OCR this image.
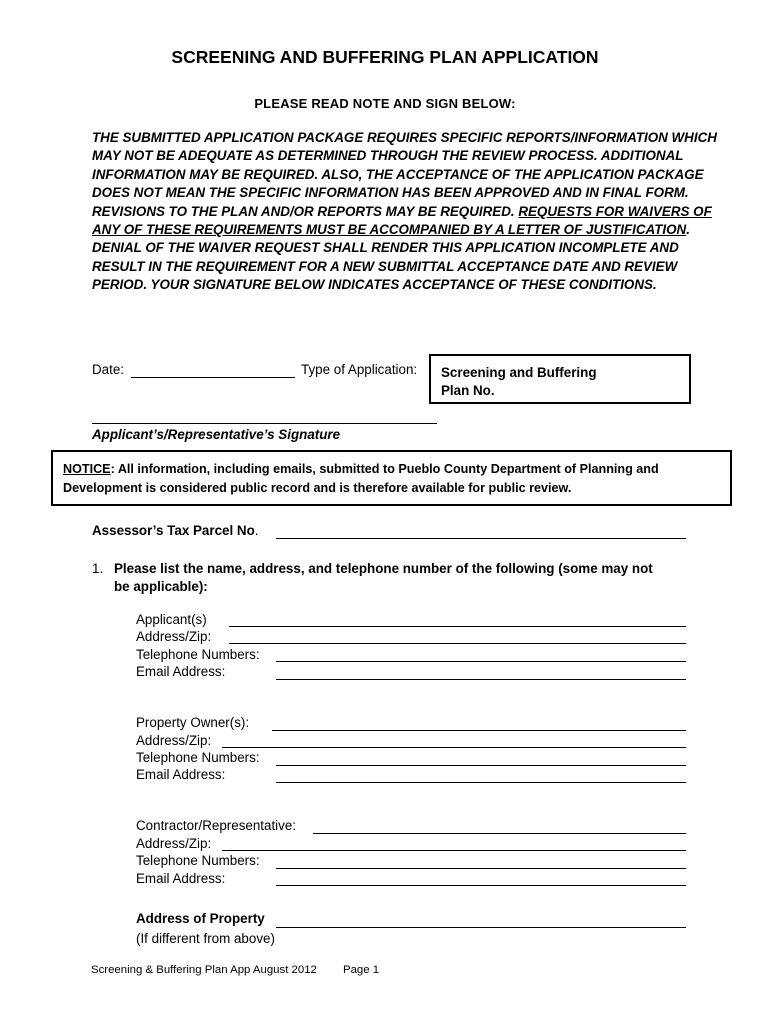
SCREENING AND BUFFERING PLAN APPLICATION
PLEASE READ NOTE AND SIGN BELOW:
THE SUBMITTED APPLICATION PACKAGE REQUIRES SPECIFIC REPORTS/INFORMATION WHICH MAY NOT BE ADEQUATE AS DETERMINED THROUGH THE REVIEW PROCESS. ADDITIONAL INFORMATION MAY BE REQUIRED. ALSO, THE ACCEPTANCE OF THE APPLICATION PACKAGE DOES NOT MEAN THE SPECIFIC INFORMATION HAS BEEN APPROVED AND IN FINAL FORM. REVISIONS TO THE PLAN AND/OR REPORTS MAY BE REQUIRED. REQUESTS FOR WAIVERS OF ANY OF THESE REQUIREMENTS MUST BE ACCOMPANIED BY A LETTER OF JUSTIFICATION. DENIAL OF THE WAIVER REQUEST SHALL RENDER THIS APPLICATION INCOMPLETE AND RESULT IN THE REQUIREMENT FOR A NEW SUBMITTAL ACCEPTANCE DATE AND REVIEW PERIOD. YOUR SIGNATURE BELOW INDICATES ACCEPTANCE OF THESE CONDITIONS.
Date:	Type of Application: Screening and Buffering
Plan No.
Applicant’s/Representative’s Signature
NOTICE: All information, including emails, submitted to Pueblo County Department of Planning and Development is considered public record and is therefore available for public review.
Assessor’s Tax Parcel No.
1. Please list the name, address, and telephone number of the following (some may not
be applicable):
Applicant(s)
Address/Zip:
Telephone Numbers:
Email Address:
Property Owner(s):
Address/Zip:
Telephone Numbers:
Email Address:
Contractor/Representative:
Address/Zip:
Telephone Numbers:
Email Address:
Address of Property
(If different from above)
Screening & Buffering Plan App August 2012 Page 1
